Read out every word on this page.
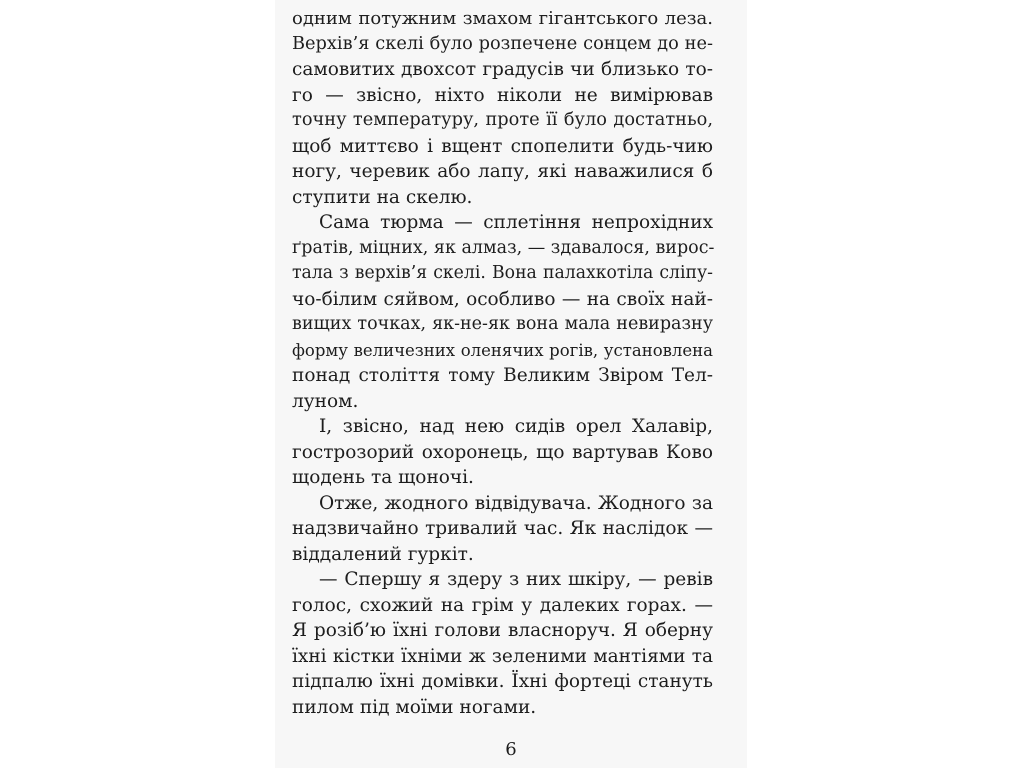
одним потужним змахом гігантського леза.
Верхів’я скелі було розпечене сонцем до не-
самовитих двохсот градусів чи близько то-
го — звісно, ніхто ніколи не вимірював
точну температуру, проте її було достатньо,
щоб миттєво і вщент спопелити будь-чию
ногу, черевик або лапу, які наважилися б
ступити на скелю.
Сама тюрма — сплетіння непрохідних
ґратів, міцних, як алмаз, — здавалося, вирос-
тала з верхів’я скелі. Вона палахкотіла сліпу-
чо-білим сяйвом, особливо — на своїх най-
вищих точках, як-не-як вона мала невиразну
форму величезних оленячих рогів, установлена
понад століття тому Великим Звіром Тел-
луном.
І, звісно, над нею сидів орел Халавір,
гострозорий охоронець, що вартував Ково
щодень та щоночі.
Отже, жодного відвідувача. Жодного за
надзвичайно тривалий час. Як наслідок —
віддалений гуркіт.
— Спершу я здеру з них шкіру, — ревів
голос, схожий на грім у далеких горах. —
Я розіб’ю їхні голови власноруч. Я оберну
їхні кістки їхніми ж зеленими мантіями та
підпалю їхні домівки. Їхні фортеці стануть
пилом під моїми ногами.
6
